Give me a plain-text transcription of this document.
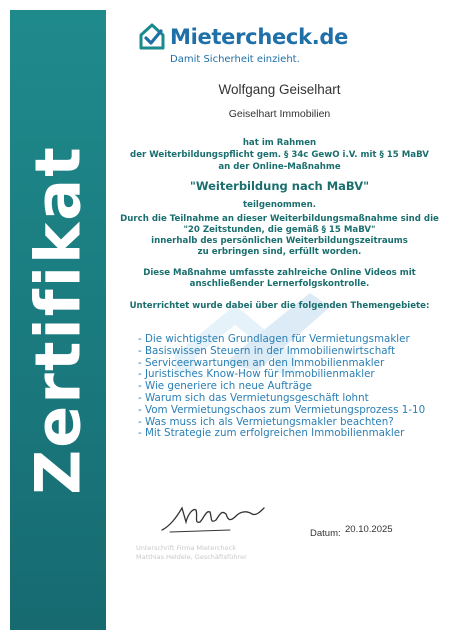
Zertifikat
Mietercheck.de
Damit Sicherheit einzieht.
Wolfgang Geiselhart
Geiselhart Immobilien
hat im Rahmen
der Weiterbildungspflicht gem. § 34c GewO i.V. mit § 15 MaBV
an der Online-Maßnahme
"Weiterbildung nach MaBV"
teilgenommen.
Durch die Teilnahme an dieser Weiterbildungsmaßnahme sind die
"20 Zeitstunden, die gemäß § 15 MaBV"
innerhalb des persönlichen Weiterbildungszeitraums
zu erbringen sind, erfüllt worden.
Diese Maßnahme umfasste zahlreiche Online Videos mit
anschließender Lernerfolgskontrolle.
Unterrichtet wurde dabei über die folgenden Themengebiete:
- Die wichtigsten Grundlagen für Vermietungsmakler
- Basiswissen Steuern in der Immobilienwirtschaft
- Serviceerwartungen an den Immobilienmakler
- Juristisches Know-How für Immobilienmakler
- Wie generiere ich neue Aufträge
- Warum sich das Vermietungsgeschäft lohnt
- Vom Vermietungschaos zum Vermietungsprozess 1-10
- Was muss ich als Vermietungsmakler beachten?
- Mit Strategie zum erfolgreichen Immobilienmakler
Unterschrift Firma Mietercheck
Matthias Heldele, Geschäftsführer
Datum: 20.10.2025
